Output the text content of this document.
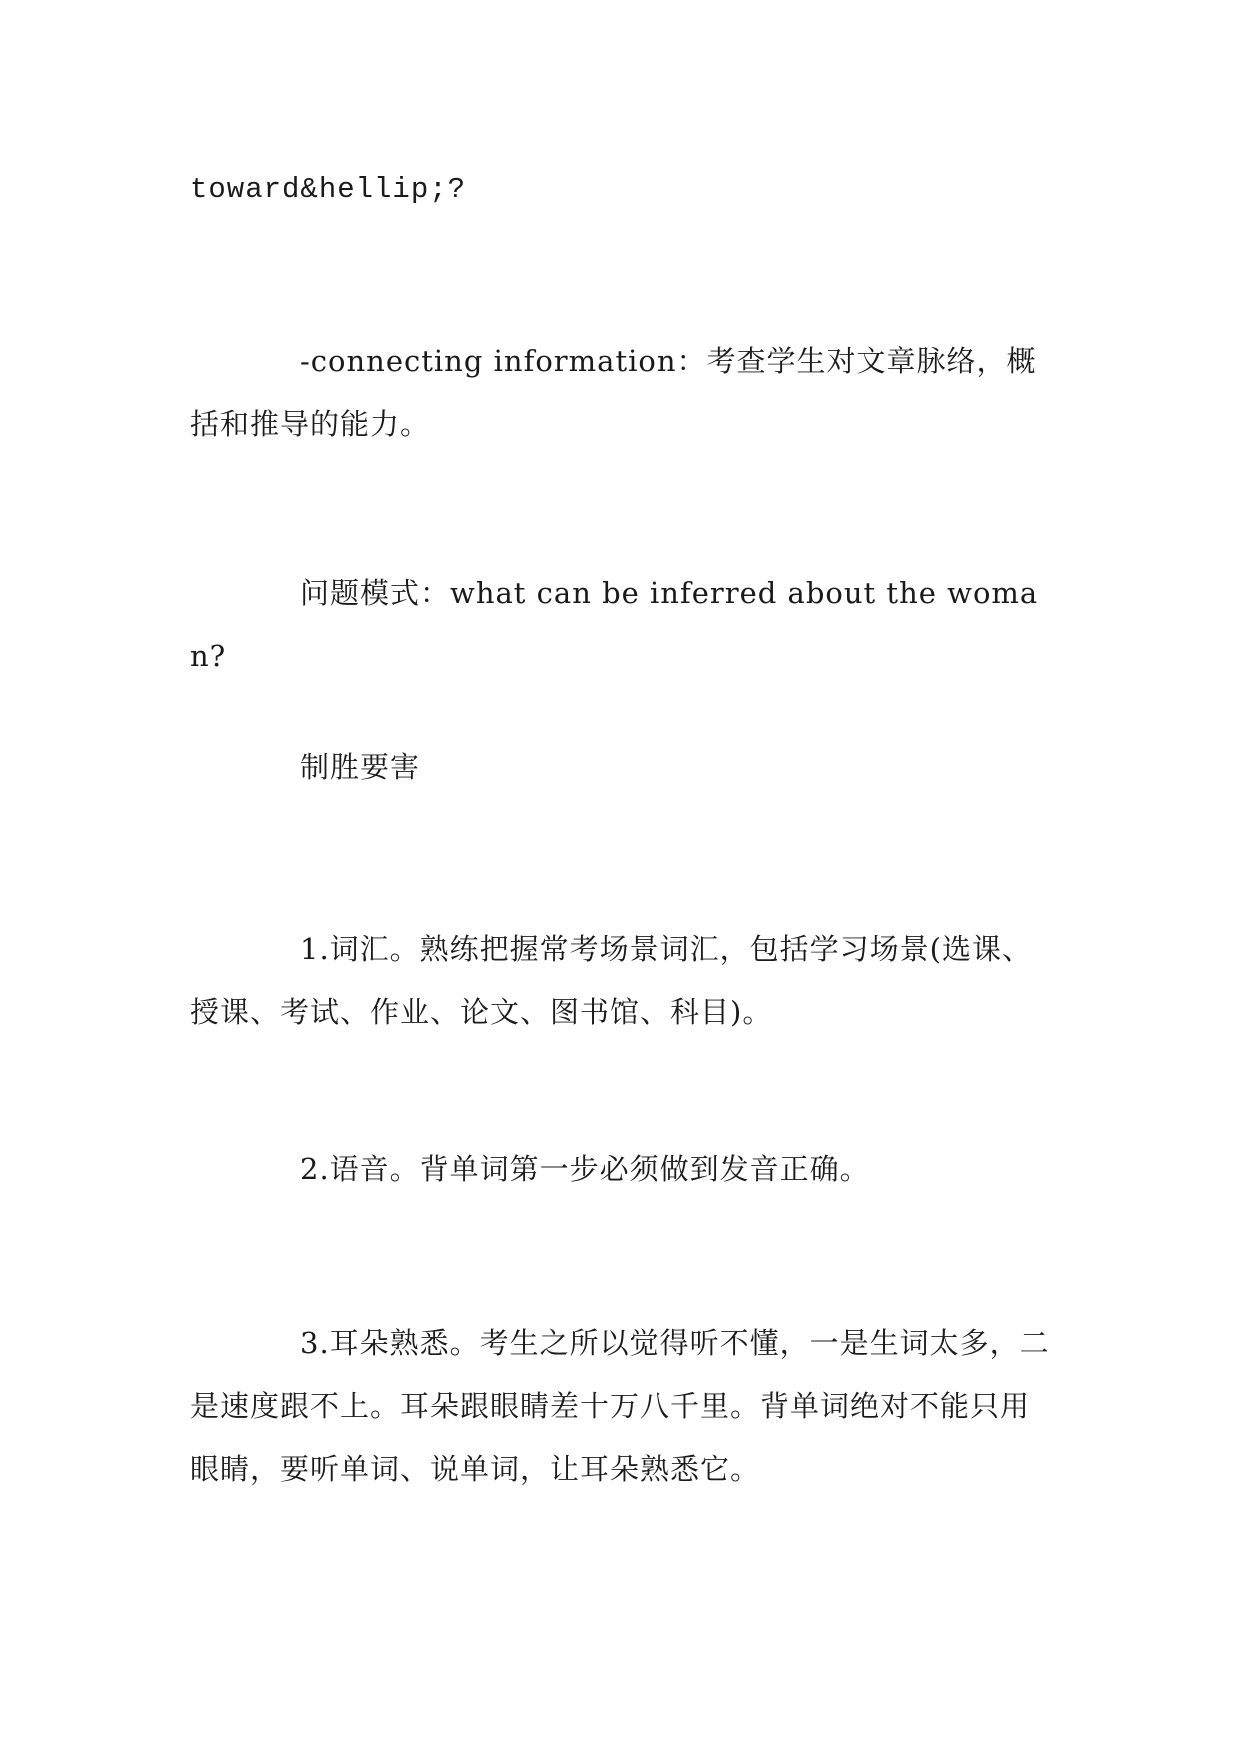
toward&hellip;?
-connecting information：考查学生对文章脉络，概括和推导的能力。
问题模式：what can be inferred about the woman?
制胜要害
1.词汇。熟练把握常考场景词汇，包括学习场景(选课、授课、考试、作业、论文、图书馆、科目)。
2.语音。背单词第一步必须做到发音正确。
3.耳朵熟悉。考生之所以觉得听不懂，一是生词太多，二是速度跟不上。耳朵跟眼睛差十万八千里。背单词绝对不能只用眼睛，要听单词、说单词，让耳朵熟悉它。
